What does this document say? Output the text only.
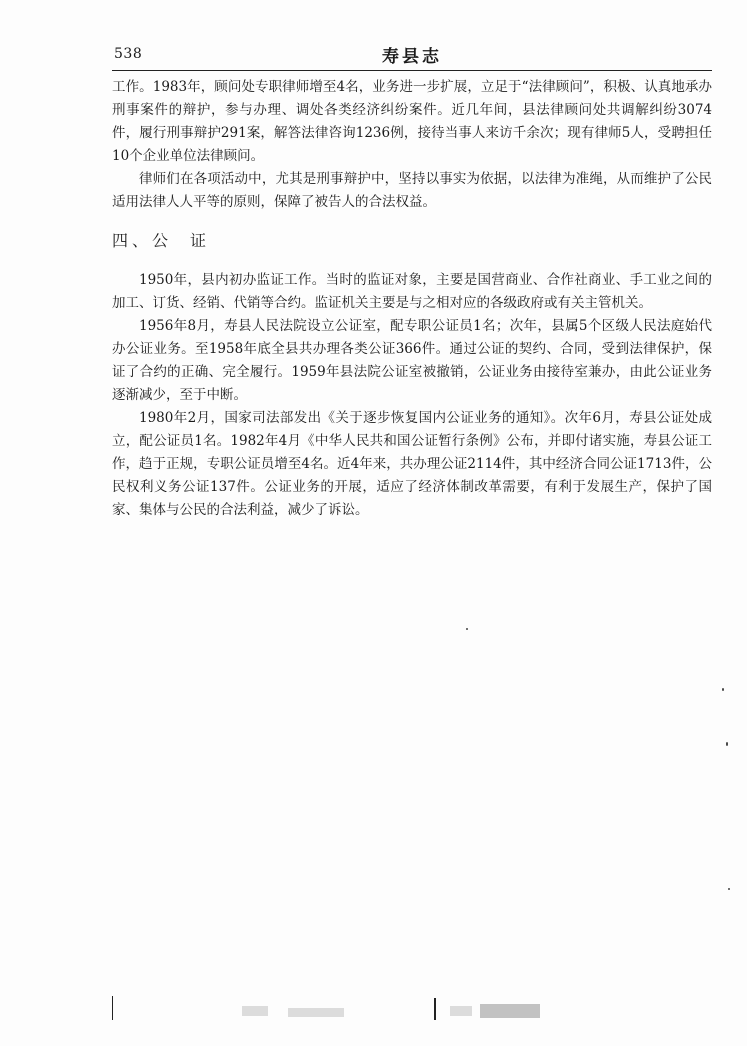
538	寿县志

工作。1983年，顾问处专职律师增至4名，业务进一步扩展，立足于“法律顾问”，积极、认真地承办刑事案件的辩护，参与办理、调处各类经济纠纷案件。近几年间，县法律顾问处共调解纠纷3074件，履行刑事辩护291案，解答法律咨询1236例，接待当事人来访千余次；现有律师5人，受聘担任10个企业单位法律顾问。

律师们在各项活动中，尤其是刑事辩护中，坚持以事实为依据，以法律为准绳，从而维护了公民适用法律人人平等的原则，保障了被告人的合法权益。

四、公 证

1950年，县内初办监证工作。当时的监证对象，主要是国营商业、合作社商业、手工业之间的加工、订货、经销、代销等合约。监证机关主要是与之相对应的各级政府或有关主管机关。

1956年8月，寿县人民法院设立公证室，配专职公证员1名；次年，县属5个区级人民法庭始代办公证业务。至1958年底全县共办理各类公证366件。通过公证的契约、合同，受到法律保护，保证了合约的正确、完全履行。1959年县法院公证室被撤销，公证业务由接待室兼办，由此公证业务逐渐减少，至于中断。

1980年2月，国家司法部发出《关于逐步恢复国内公证业务的通知》。次年6月，寿县公证处成立，配公证员1名。1982年4月《中华人民共和国公证暂行条例》公布，并即付诸实施，寿县公证工作，趋于正规，专职公证员增至4名。近4年来，共办理公证2114件，其中经济合同公证1713件，公民权利义务公证137件。公证业务的开展，适应了经济体制改革需要，有利于发展生产，保护了国家、集体与公民的合法利益，减少了诉讼。
